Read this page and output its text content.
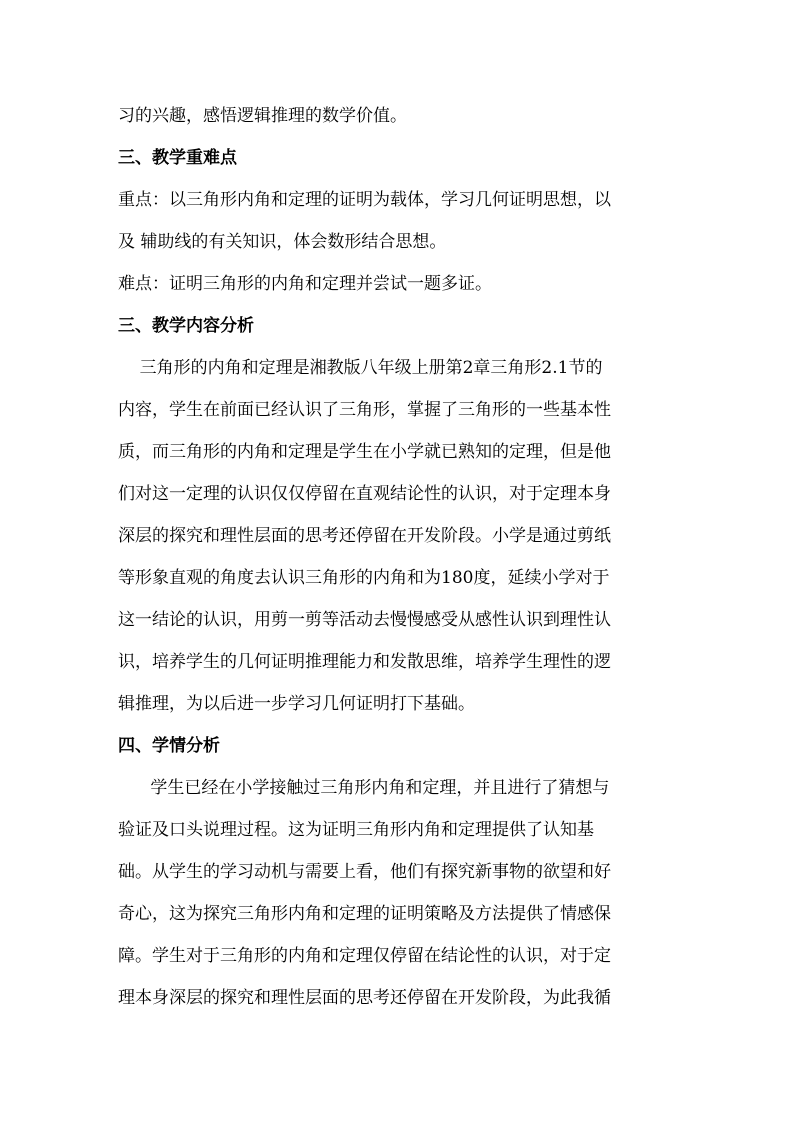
习的兴趣，感悟逻辑推理的数学价值。
三、教学重难点
重点：以三角形内角和定理的证明为载体，学习几何证明思想，以
及 辅助线的有关知识，体会数形结合思想。
难点：证明三角形的内角和定理并尝试一题多证。
三、教学内容分析
三角形的内角和定理是湘教版八年级上册第2章三角形2.1节的
内容，学生在前面已经认识了三角形，掌握了三角形的一些基本性
质，而三角形的内角和定理是学生在小学就已熟知的定理，但是他
们对这一定理的认识仅仅停留在直观结论性的认识，对于定理本身
深层的探究和理性层面的思考还停留在开发阶段。小学是通过剪纸
等形象直观的角度去认识三角形的内角和为180度，延续小学对于
这一结论的认识，用剪一剪等活动去慢慢感受从感性认识到理性认
识，培养学生的几何证明推理能力和发散思维，培养学生理性的逻
辑推理，为以后进一步学习几何证明打下基础。
四、学情分析
学生已经在小学接触过三角形内角和定理，并且进行了猜想与
验证及口头说理过程。这为证明三角形内角和定理提供了认知基
础。从学生的学习动机与需要上看，他们有探究新事物的欲望和好
奇心，这为探究三角形内角和定理的证明策略及方法提供了情感保
障。学生对于三角形的内角和定理仅停留在结论性的认识，对于定
理本身深层的探究和理性层面的思考还停留在开发阶段，为此我循
